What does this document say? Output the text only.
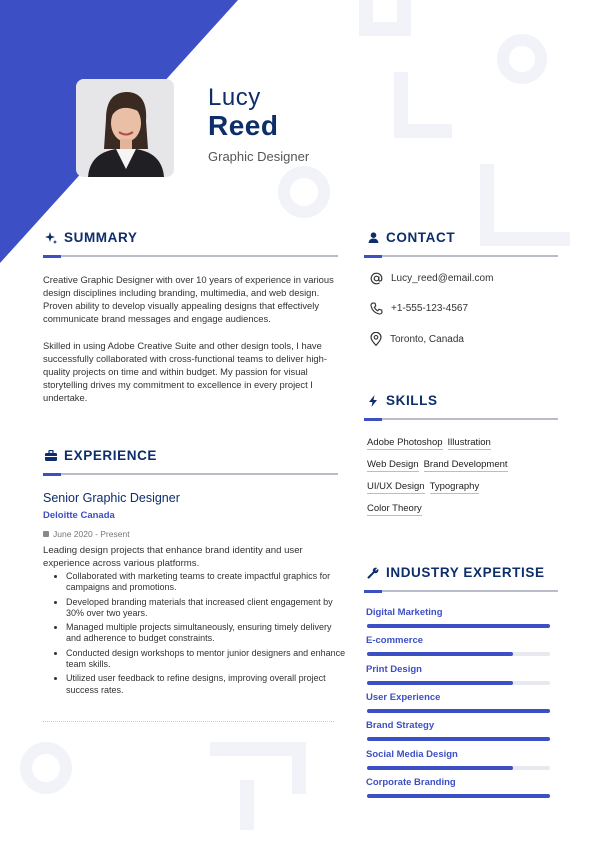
Lucy
Reed
Graphic Designer
SUMMARY
Creative Graphic Designer with over 10 years of experience in various design disciplines including branding, multimedia, and web design. Proven ability to develop visually appealing designs that effectively communicate brand messages and engage audiences.
Skilled in using Adobe Creative Suite and other design tools, I have successfully collaborated with cross-functional teams to deliver high-quality projects on time and within budget. My passion for visual storytelling drives my commitment to excellence in every project I undertake.
EXPERIENCE
Senior Graphic Designer
Deloitte Canada
June 2020 - Present
Leading design projects that enhance brand identity and user experience across various platforms.
• Collaborated with marketing teams to create impactful graphics for campaigns and promotions.
• Developed branding materials that increased client engagement by 30% over two years.
• Managed multiple projects simultaneously, ensuring timely delivery and adherence to budget constraints.
• Conducted design workshops to mentor junior designers and enhance team skills.
• Utilized user feedback to refine designs, improving overall project success rates.
CONTACT
Lucy_reed@email.com
+1-555-123-4567
Toronto, Canada
SKILLS
Adobe Photoshop Illustration
Web Design Brand Development
UI/UX Design Typography
Color Theory
INDUSTRY EXPERTISE
Digital Marketing
E-commerce
Print Design
User Experience
Brand Strategy
Social Media Design
Corporate Branding
